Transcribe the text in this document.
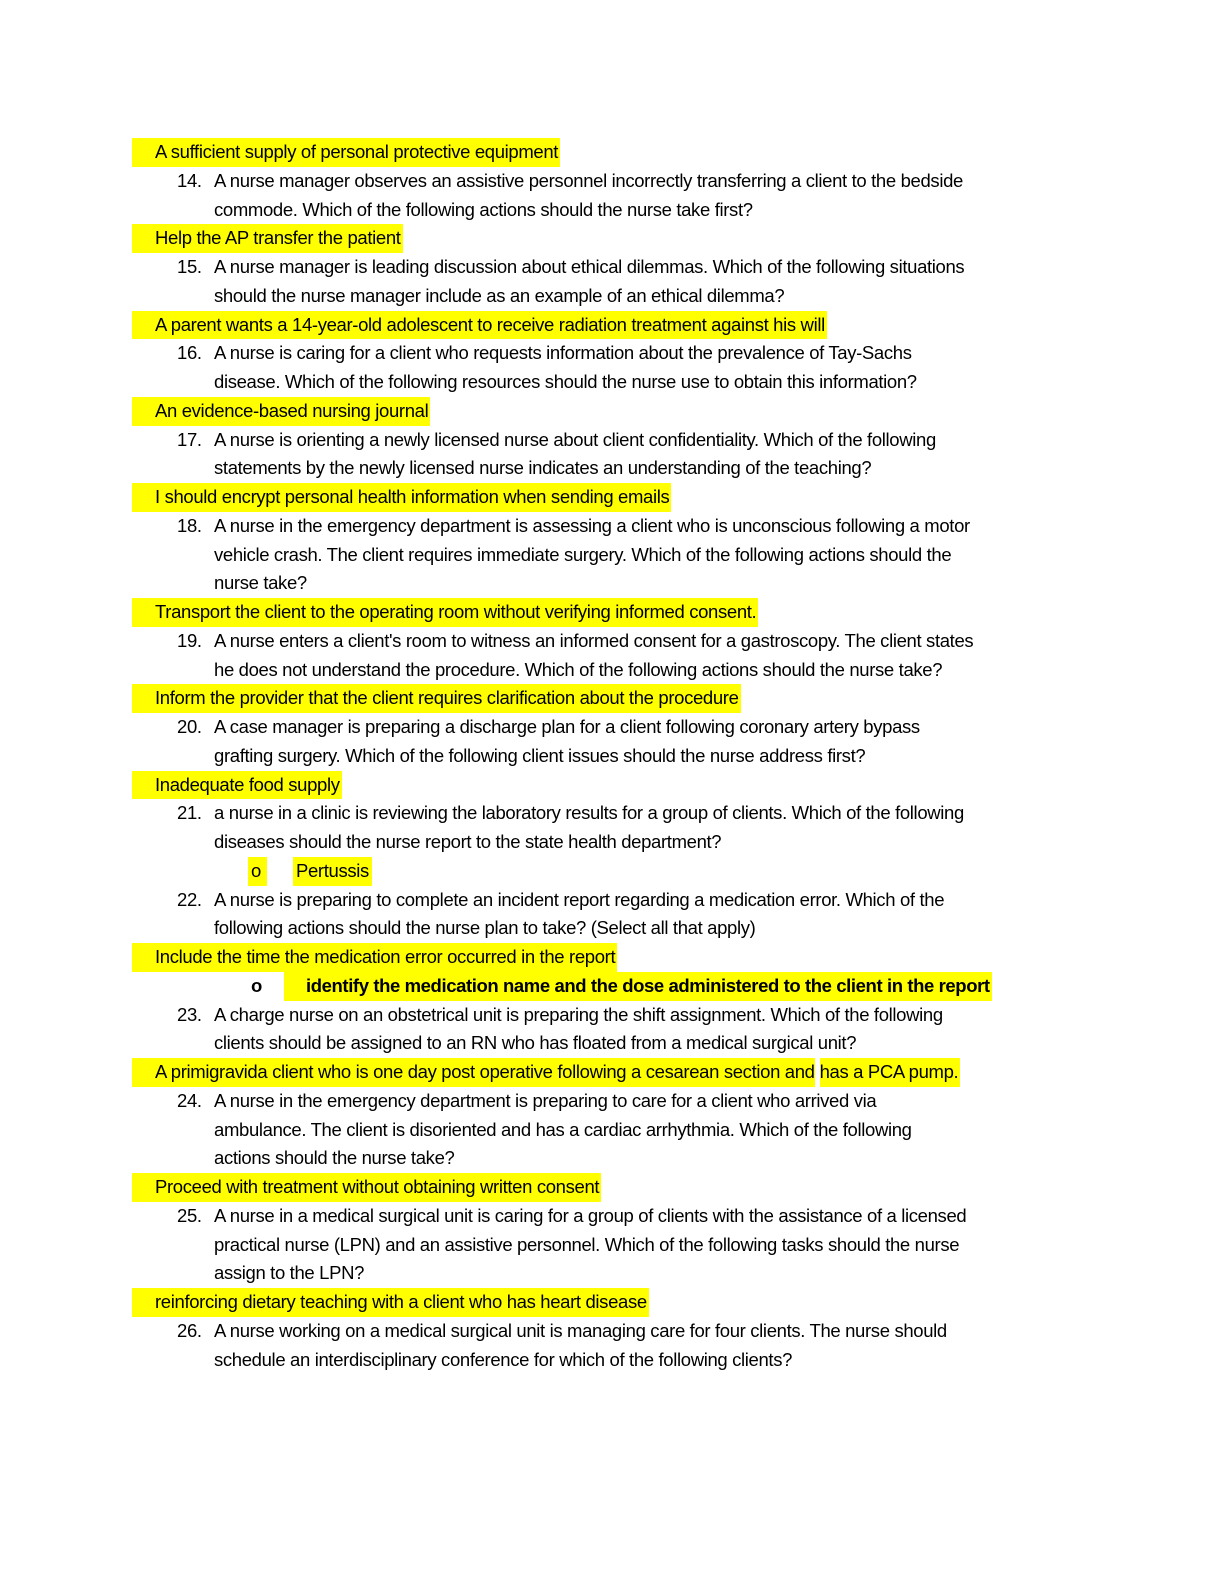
A sufficient supply of personal protective equipment
14. A nurse manager observes an assistive personnel incorrectly transferring a client to the bedside
commode. Which of the following actions should the nurse take first?
Help the AP transfer the patient
15. A nurse manager is leading discussion about ethical dilemmas. Which of the following situations
should the nurse manager include as an example of an ethical dilemma?
A parent wants a 14-year-old adolescent to receive radiation treatment against his will
16. A nurse is caring for a client who requests information about the prevalence of Tay-Sachs
disease. Which of the following resources should the nurse use to obtain this information?
An evidence-based nursing journal
17. A nurse is orienting a newly licensed nurse about client confidentiality. Which of the following
statements by the newly licensed nurse indicates an understanding of the teaching?
I should encrypt personal health information when sending emails
18. A nurse in the emergency department is assessing a client who is unconscious following a motor
vehicle crash. The client requires immediate surgery. Which of the following actions should the
nurse take?
Transport the client to the operating room without verifying informed consent.
19. A nurse enters a client's room to witness an informed consent for a gastroscopy. The client states
he does not understand the procedure. Which of the following actions should the nurse take?
Inform the provider that the client requires clarification about the procedure
20. A case manager is preparing a discharge plan for a client following coronary artery bypass
grafting surgery. Which of the following client issues should the nurse address first?
Inadequate food supply
21. a nurse in a clinic is reviewing the laboratory results for a group of clients. Which of the following
diseases should the nurse report to the state health department?
o	Pertussis
22. A nurse is preparing to complete an incident report regarding a medication error. Which of the
following actions should the nurse plan to take? (Select all that apply)
Include the time the medication error occurred in the report
o	identify the medication name and the dose administered to the client in the report
23. A charge nurse on an obstetrical unit is preparing the shift assignment. Which of the following
clients should be assigned to an RN who has floated from a medical surgical unit?
A primigravida client who is one day post operative following a cesarean section and has a PCA pump.
24. A nurse in the emergency department is preparing to care for a client who arrived via
ambulance. The client is disoriented and has a cardiac arrhythmia. Which of the following
actions should the nurse take?
Proceed with treatment without obtaining written consent
25. A nurse in a medical surgical unit is caring for a group of clients with the assistance of a licensed
practical nurse (LPN) and an assistive personnel. Which of the following tasks should the nurse
assign to the LPN?
reinforcing dietary teaching with a client who has heart disease
26. A nurse working on a medical surgical unit is managing care for four clients. The nurse should
schedule an interdisciplinary conference for which of the following clients?
